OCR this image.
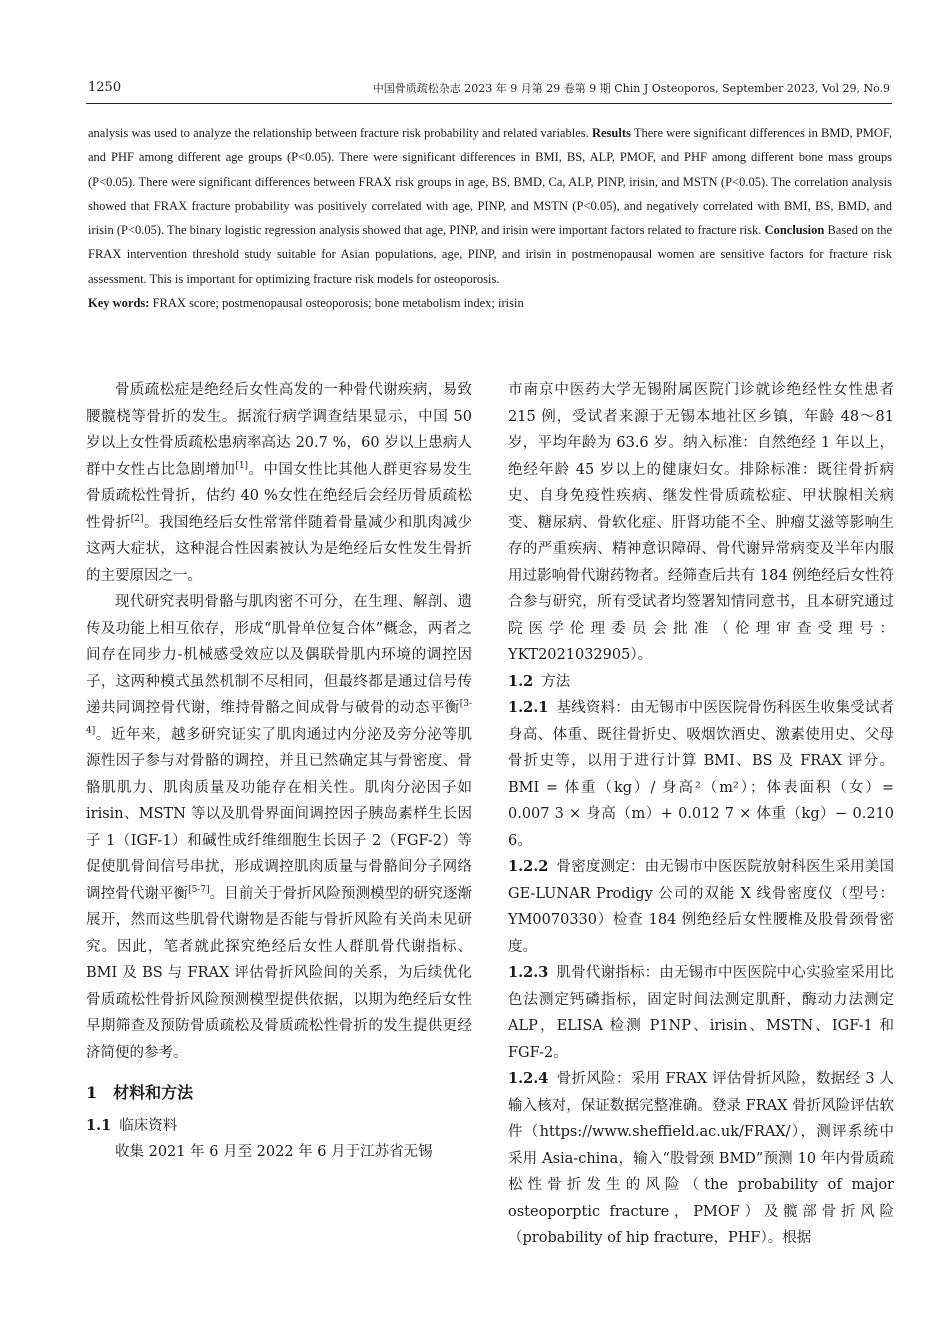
1250	中国骨质疏松杂志 2023 年 9 月第 29 卷第 9 期 Chin J Osteoporos, September 2023, Vol 29, No.9

analysis was used to analyze the relationship between fracture risk probability and related variables. Results There were significant differences in BMD, PMOF, and PHF among different age groups (P<0.05). There were significant differences in BMI, BS, ALP, PMOF, and PHF among different bone mass groups (P<0.05). There were significant differences between FRAX risk groups in age, BS, BMD, Ca, ALP, PINP, irisin, and MSTN (P<0.05). The correlation analysis showed that FRAX fracture probability was positively correlated with age, PINP, and MSTN (P<0.05), and negatively correlated with BMI, BS, BMD, and irisin (P<0.05). The binary logistic regression analysis showed that age, PINP, and irisin were important factors related to fracture risk. Conclusion Based on the FRAX intervention threshold study suitable for Asian populations, age, PINP, and irisin in postmenopausal women are sensitive factors for fracture risk assessment. This is important for optimizing fracture risk models for osteoporosis.

Key words: FRAX score; postmenopausal osteoporosis; bone metabolism index; irisin

骨质疏松症是绝经后女性高发的一种骨代谢疾病，易致腰髋桡等骨折的发生。据流行病学调查结果显示，中国 50 岁以上女性骨质疏松患病率高达 20.7 %，60 岁以上患病人群中女性占比急剧增加[1]。中国女性比其他人群更容易发生骨质疏松性骨折，估约 40 %女性在绝经后会经历骨质疏松性骨折[2]。我国绝经后女性常常伴随着骨量减少和肌肉减少这两大症状，这种混合性因素被认为是绝经后女性发生骨折的主要原因之一。

现代研究表明骨骼与肌肉密不可分，在生理、解剖、遗传及功能上相互依存，形成“肌骨单位复合体”概念，两者之间存在同步力-机械感受效应以及偶联骨肌内环境的调控因子，这两种模式虽然机制不尽相同，但最终都是通过信号传递共同调控骨代谢，维持骨骼之间成骨与破骨的动态平衡[3-4]。近年来，越多研究证实了肌肉通过内分泌及旁分泌等肌源性因子参与对骨骼的调控，并且已然确定其与骨密度、骨骼肌肌力、肌肉质量及功能存在相关性。肌肉分泌因子如 irisin、MSTN 等以及肌骨界面间调控因子胰岛素样生长因子 1（IGF-1）和碱性成纤维细胞生长因子 2（FGF-2）等促使肌骨间信号串扰，形成调控肌肉质量与骨骼间分子网络调控骨代谢平衡[5-7]。目前关于骨折风险预测模型的研究逐渐展开，然而这些肌骨代谢物是否能与骨折风险有关尚未见研究。因此，笔者就此探究绝经后女性人群肌骨代谢指标、BMI 及 BS 与 FRAX 评估骨折风险间的关系，为后续优化骨质疏松性骨折风险预测模型提供依据，以期为绝经后女性早期筛查及预防骨质疏松及骨质疏松性骨折的发生提供更经济简便的参考。

1　材料和方法

1.1 临床资料

收集 2021 年 6 月至 2022 年 6 月于江苏省无锡

市南京中医药大学无锡附属医院门诊就诊绝经性女性患者 215 例，受试者来源于无锡本地社区乡镇，年龄 48～81 岁，平均年龄为 63.6 岁。纳入标准：自然绝经 1 年以上，绝经年龄 45 岁以上的健康妇女。排除标准：既往骨折病史、自身免疫性疾病、继发性骨质疏松症、甲状腺相关病变、糖尿病、骨软化症、肝肾功能不全、肿瘤艾滋等影响生存的严重疾病、精神意识障碍、骨代谢异常病变及半年内服用过影响骨代谢药物者。经筛查后共有 184 例绝经后女性符合参与研究，所有受试者均签署知情同意书，且本研究通过院医学伦理委员会批准（伦理审查受理号：YKT2021032905）。

1.2 方法

1.2.1 基线资料：由无锡市中医医院骨伤科医生收集受试者身高、体重、既往骨折史、吸烟饮酒史、激素使用史、父母骨折史等，以用于进行计算 BMI、BS 及 FRAX 评分。BMI = 体重（kg）/ 身高²（m²）；体表面积（女）= 0.007 3 × 身高（m）+ 0.012 7 × 体重（kg）− 0.210 6。

1.2.2 骨密度测定：由无锡市中医医院放射科医生采用美国 GE-LUNAR Prodigy 公司的双能 X 线骨密度仪（型号：YM0070330）检查 184 例绝经后女性腰椎及股骨颈骨密度。

1.2.3 肌骨代谢指标：由无锡市中医医院中心实验室采用比色法测定钙磷指标，固定时间法测定肌酐，酶动力法测定 ALP，ELISA 检测 P1NP、irisin、MSTN、IGF-1 和 FGF-2。

1.2.4 骨折风险：采用 FRAX 评估骨折风险，数据经 3 人输入核对，保证数据完整准确。登录 FRAX 骨折风险评估软件（https://www.sheffield.ac.uk/FRAX/），测评系统中采用 Asia-china，输入“股骨颈 BMD”预测 10 年内骨质疏松性骨折发生的风险（the probability of major osteoporptic fracture，PMOF）及髋部骨折风险（probability of hip fracture，PHF）。根据
